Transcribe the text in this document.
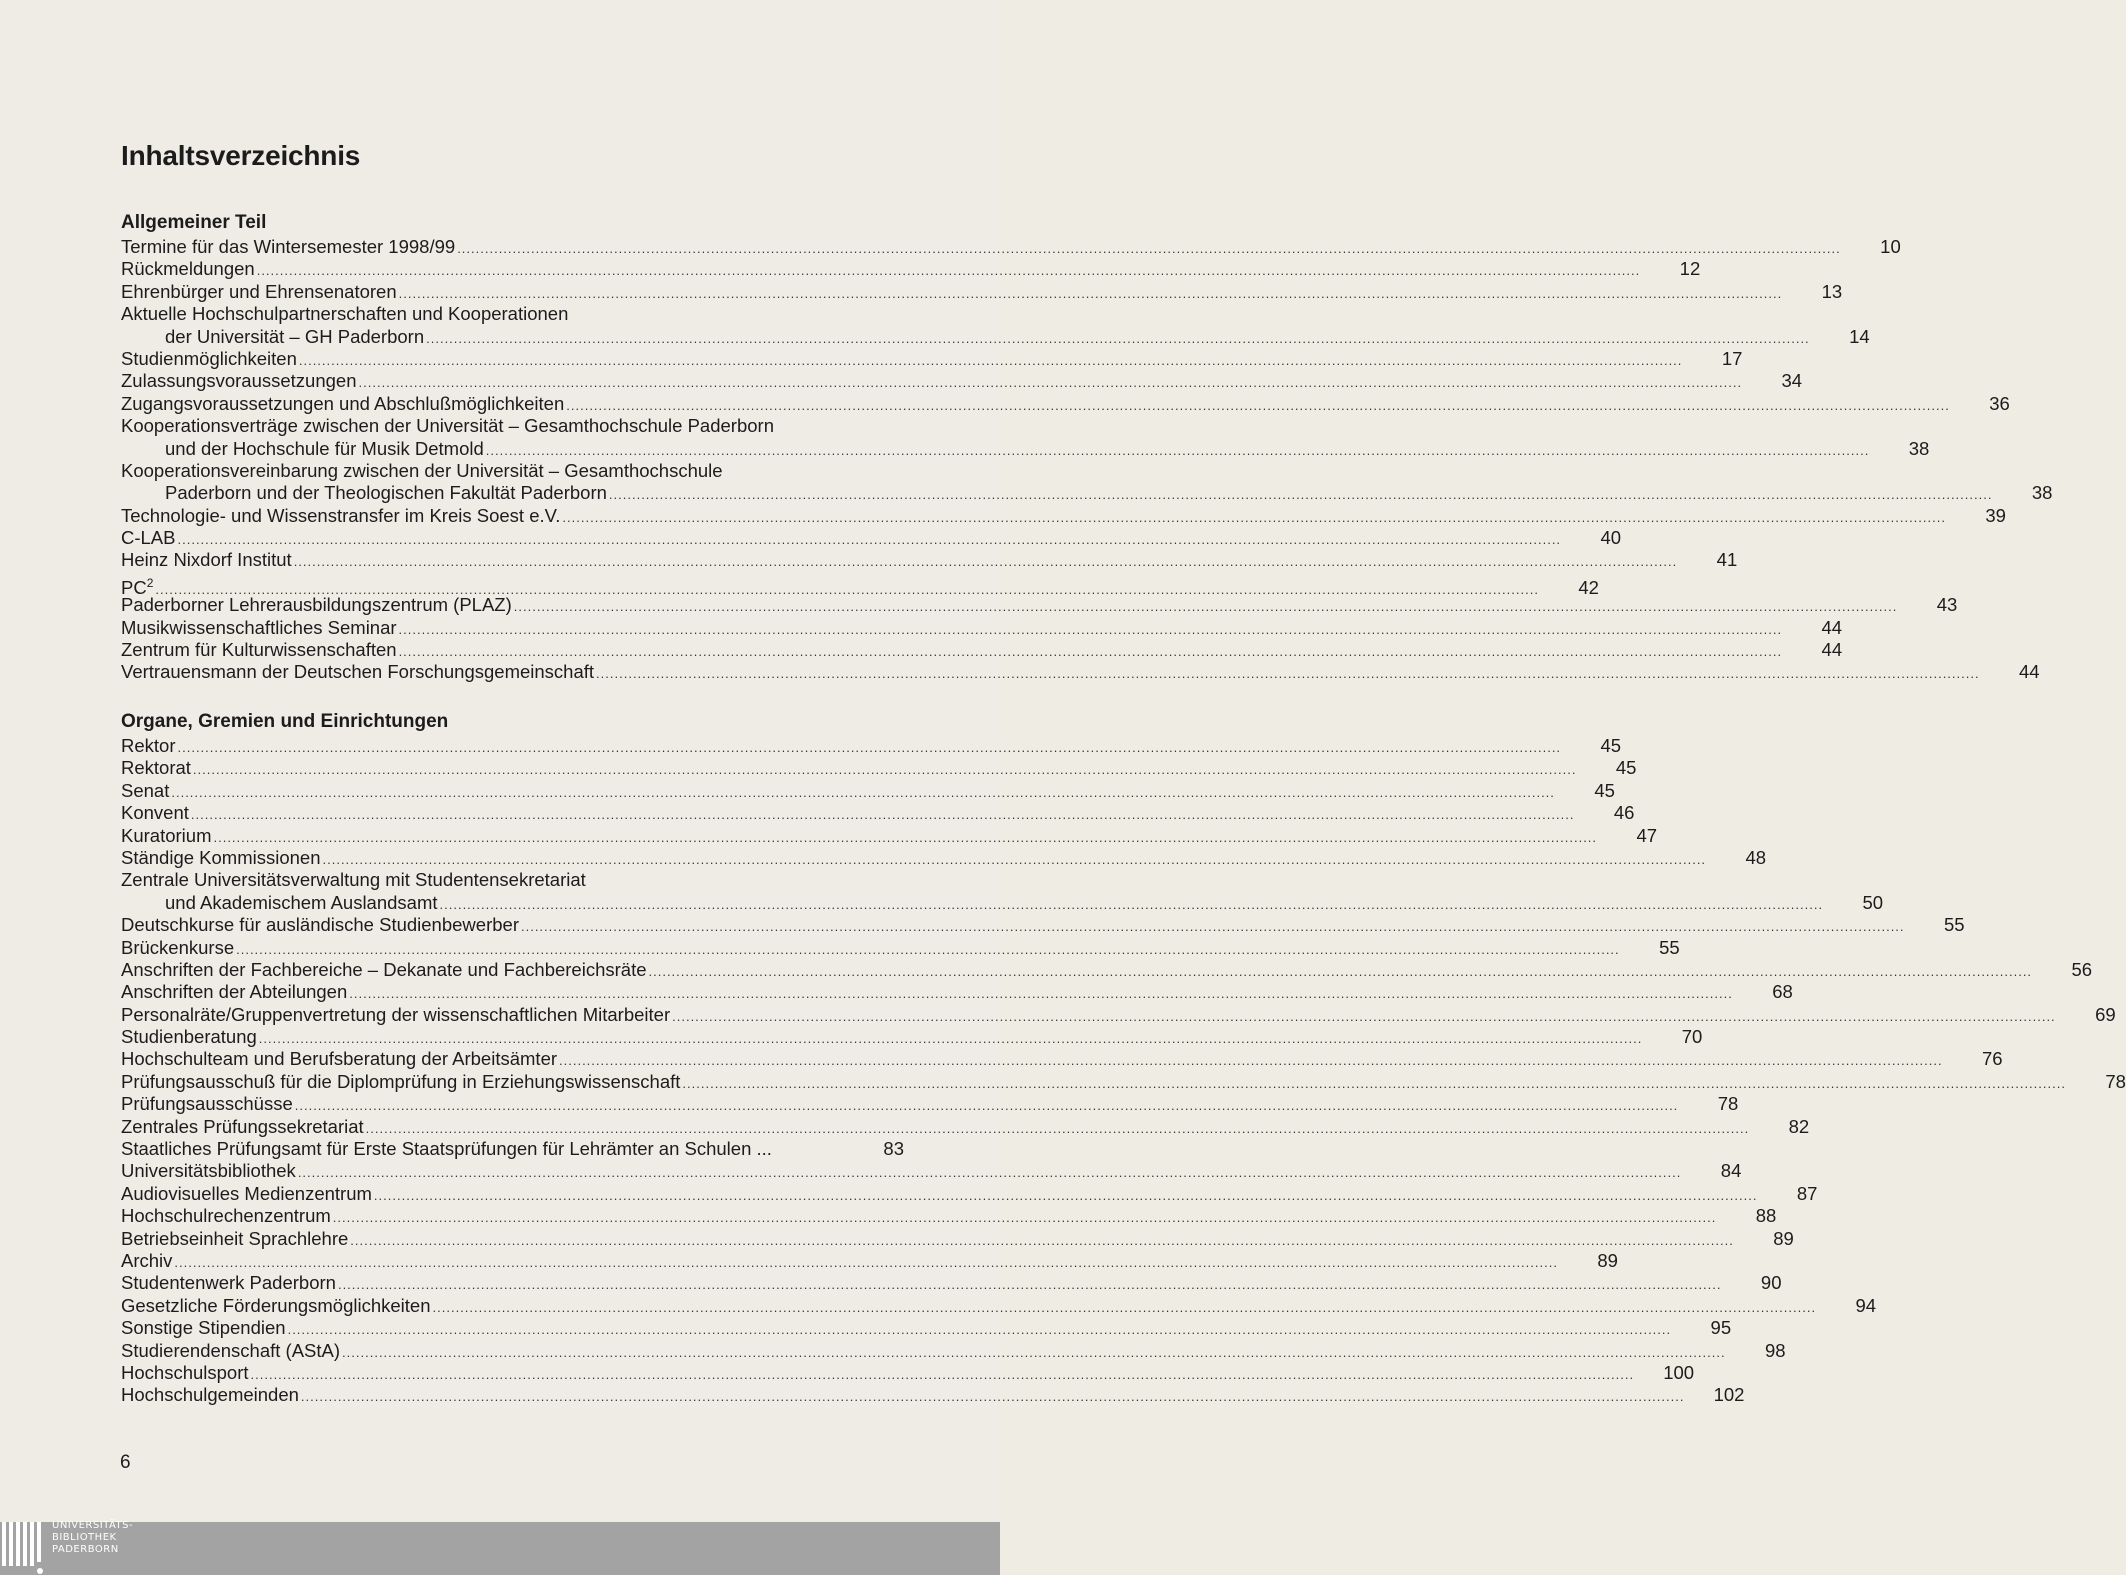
Inhaltsverzeichnis
Allgemeiner Teil
Termine für das Wintersemester 1998/99 ............................................................................................................................................................................................................................................................................................................	10
Rückmeldungen ............................................................................................................................................................................................................................................................................................................	12
Ehrenbürger und Ehrensenatoren ............................................................................................................................................................................................................................................................................................................	13
Aktuelle Hochschulpartnerschaften und Kooperationen
der Universität – GH Paderborn ............................................................................................................................................................................................................................................................................................................	14
Studienmöglichkeiten ............................................................................................................................................................................................................................................................................................................	17
Zulassungsvoraussetzungen ............................................................................................................................................................................................................................................................................................................	34
Zugangsvoraussetzungen und Abschlußmöglichkeiten ............................................................................................................................................................................................................................................................................................................	36
Kooperationsverträge zwischen der Universität – Gesamthochschule Paderborn
und der Hochschule für Musik Detmold ............................................................................................................................................................................................................................................................................................................	38
Kooperationsvereinbarung zwischen der Universität – Gesamthochschule
Paderborn und der Theologischen Fakultät Paderborn ............................................................................................................................................................................................................................................................................................................	38
Technologie- und Wissenstransfer im Kreis Soest e.V. ............................................................................................................................................................................................................................................................................................................	39
C-LAB ............................................................................................................................................................................................................................................................................................................	40
Heinz Nixdorf Institut ............................................................................................................................................................................................................................................................................................................	41
$PC^2$ ............................................................................................................................................................................................................................................................................................................	42
Paderborner Lehrerausbildungszentrum (PLAZ) ............................................................................................................................................................................................................................................................................................................	43
Musikwissenschaftliches Seminar ............................................................................................................................................................................................................................................................................................................	44
Zentrum für Kulturwissenschaften ............................................................................................................................................................................................................................................................................................................	44
Vertrauensmann der Deutschen Forschungsgemeinschaft ............................................................................................................................................................................................................................................................................................................	44
Organe, Gremien und Einrichtungen
Rektor ............................................................................................................................................................................................................................................................................................................	45
Rektorat ............................................................................................................................................................................................................................................................................................................	45
Senat ............................................................................................................................................................................................................................................................................................................	45
Konvent ............................................................................................................................................................................................................................................................................................................	46
Kuratorium ............................................................................................................................................................................................................................................................................................................	47
Ständige Kommissionen ............................................................................................................................................................................................................................................................................................................	48
Zentrale Universitätsverwaltung mit Studentensekretariat
und Akademischem Auslandsamt ............................................................................................................................................................................................................................................................................................................	50
Deutschkurse für ausländische Studienbewerber ............................................................................................................................................................................................................................................................................................................	55
Brückenkurse ............................................................................................................................................................................................................................................................................................................	55
Anschriften der Fachbereiche – Dekanate und Fachbereichsräte ............................................................................................................................................................................................................................................................................................................	56
Anschriften der Abteilungen ............................................................................................................................................................................................................................................................................................................	68
Personalräte/Gruppenvertretung der wissenschaftlichen Mitarbeiter ............................................................................................................................................................................................................................................................................................................	69
Studienberatung ............................................................................................................................................................................................................................................................................................................	70
Hochschulteam und Berufsberatung der Arbeitsämter ............................................................................................................................................................................................................................................................................................................	76
Prüfungsausschuß für die Diplomprüfung in Erziehungswissenschaft ............................................................................................................................................................................................................................................................................................................	78
Prüfungsausschüsse ............................................................................................................................................................................................................................................................................................................	78
Zentrales Prüfungssekretariat ............................................................................................................................................................................................................................................................................................................	82
Staatliches Prüfungsamt für Erste Staatsprüfungen für Lehrämter an Schulen ...	83
Universitätsbibliothek ............................................................................................................................................................................................................................................................................................................	84
Audiovisuelles Medienzentrum ............................................................................................................................................................................................................................................................................................................	87
Hochschulrechenzentrum ............................................................................................................................................................................................................................................................................................................	88
Betriebseinheit Sprachlehre ............................................................................................................................................................................................................................................................................................................	89
Archiv ............................................................................................................................................................................................................................................................................................................	89
Studentenwerk Paderborn ............................................................................................................................................................................................................................................................................................................	90
Gesetzliche Förderungsmöglichkeiten ............................................................................................................................................................................................................................................................................................................	94
Sonstige Stipendien ............................................................................................................................................................................................................................................................................................................	95
Studierendenschaft (AStA) ............................................................................................................................................................................................................................................................................................................	98
Hochschulsport ............................................................................................................................................................................................................................................................................................................	100
Hochschulgemeinden ............................................................................................................................................................................................................................................................................................................	102
6
UNIVERSITÄTS-
BIBLIOTHEK
PADERBORN
